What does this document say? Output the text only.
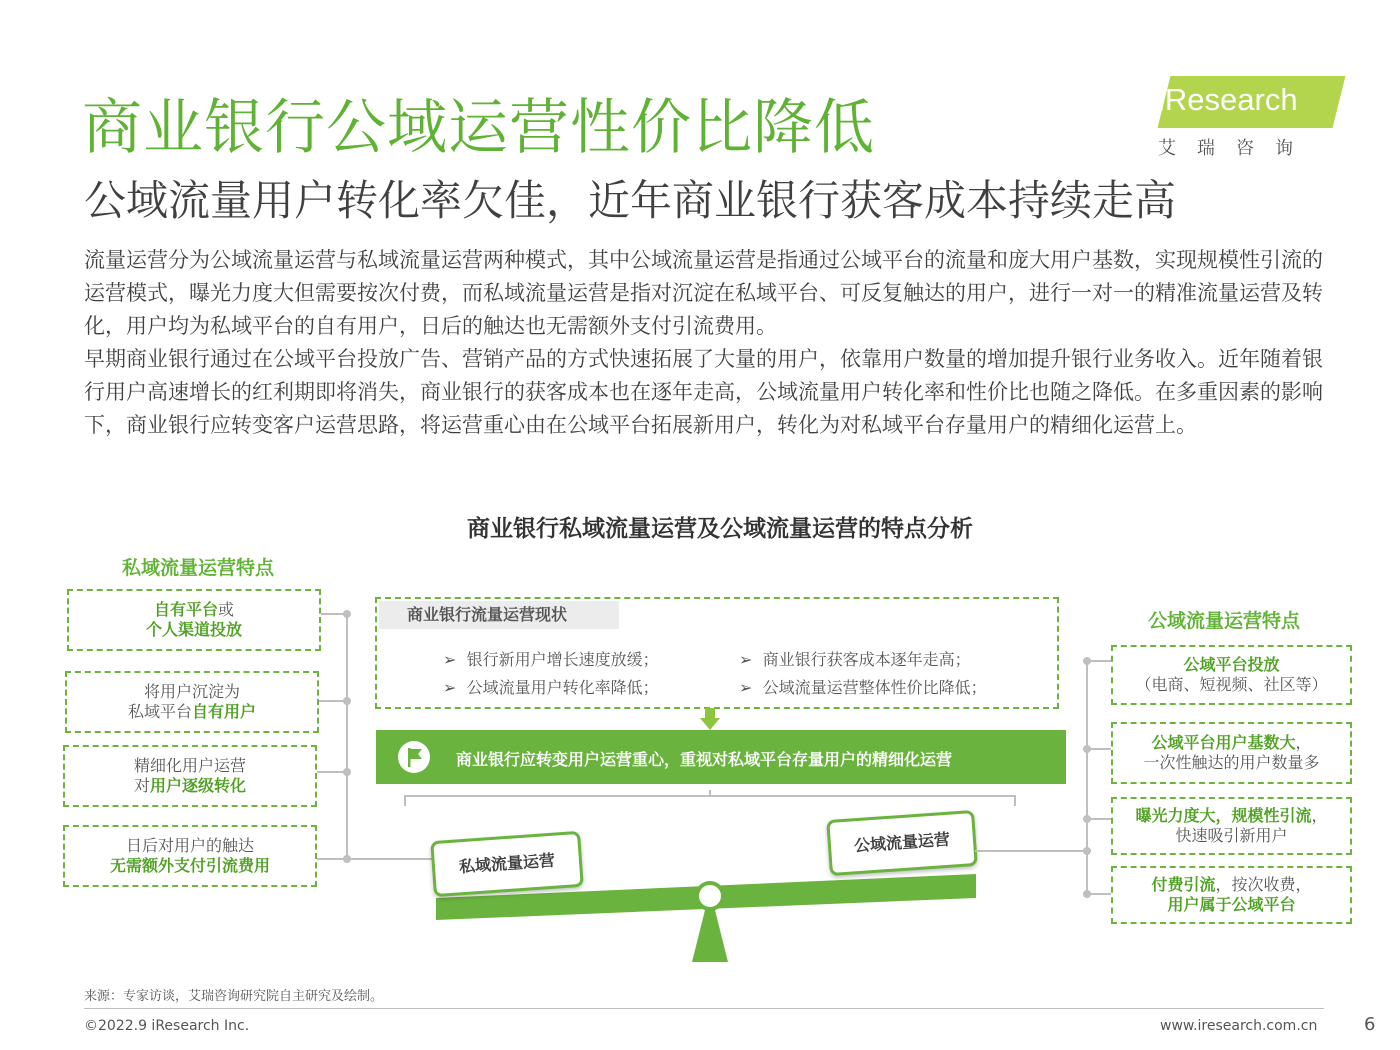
商业银行公域运营性价比降低
公域流量用户转化率欠佳，近年商业银行获客成本持续走高
iResearch
艾瑞咨询

流量运营分为公域流量运营与私域流量运营两种模式，其中公域流量运营是指通过公域平台的流量和庞大用户基数，实现规模性引流的运营模式，曝光力度大但需要按次付费，而私域流量运营是指对沉淀在私域平台、可反复触达的用户，进行一对一的精准流量运营及转化，用户均为私域平台的自有用户，日后的触达也无需额外支付引流费用。

早期商业银行通过在公域平台投放广告、营销产品的方式快速拓展了大量的用户，依靠用户数量的增加提升银行业务收入。近年随着银行用户高速增长的红利期即将消失，商业银行的获客成本也在逐年走高，公域流量用户转化率和性价比也随之降低。在多重因素的影响下，商业银行应转变客户运营思路，将运营重心由在公域平台拓展新用户，转化为对私域平台存量用户的精细化运营上。

商业银行私域流量运营及公域流量运营的特点分析
私域流量运营特点
自有平台或
个人渠道投放
将用户沉淀为
私域平台自有用户
精细化用户运营
对用户逐级转化
日后对用户的触达
无需额外支付引流费用
商业银行流量运营现状
➢  银行新用户增长速度放缓；	➢  商业银行获客成本逐年走高；
➢  公域流量用户转化率降低；	➢  公域流量运营整体性价比降低；
商业银行应转变用户运营重心，重视对私域平台存量用户的精细化运营
私域流量运营
公域流量运营
公域流量运营特点
公域平台投放
（电商、短视频、社区等）
公域平台用户基数大，
一次性触达的用户数量多
曝光力度大，规模性引流，
快速吸引新用户
付费引流，按次收费，
用户属于公域平台
来源：专家访谈，艾瑞咨询研究院自主研究及绘制。
©2022.9 iResearch Inc.	www.iresearch.com.cn	6
